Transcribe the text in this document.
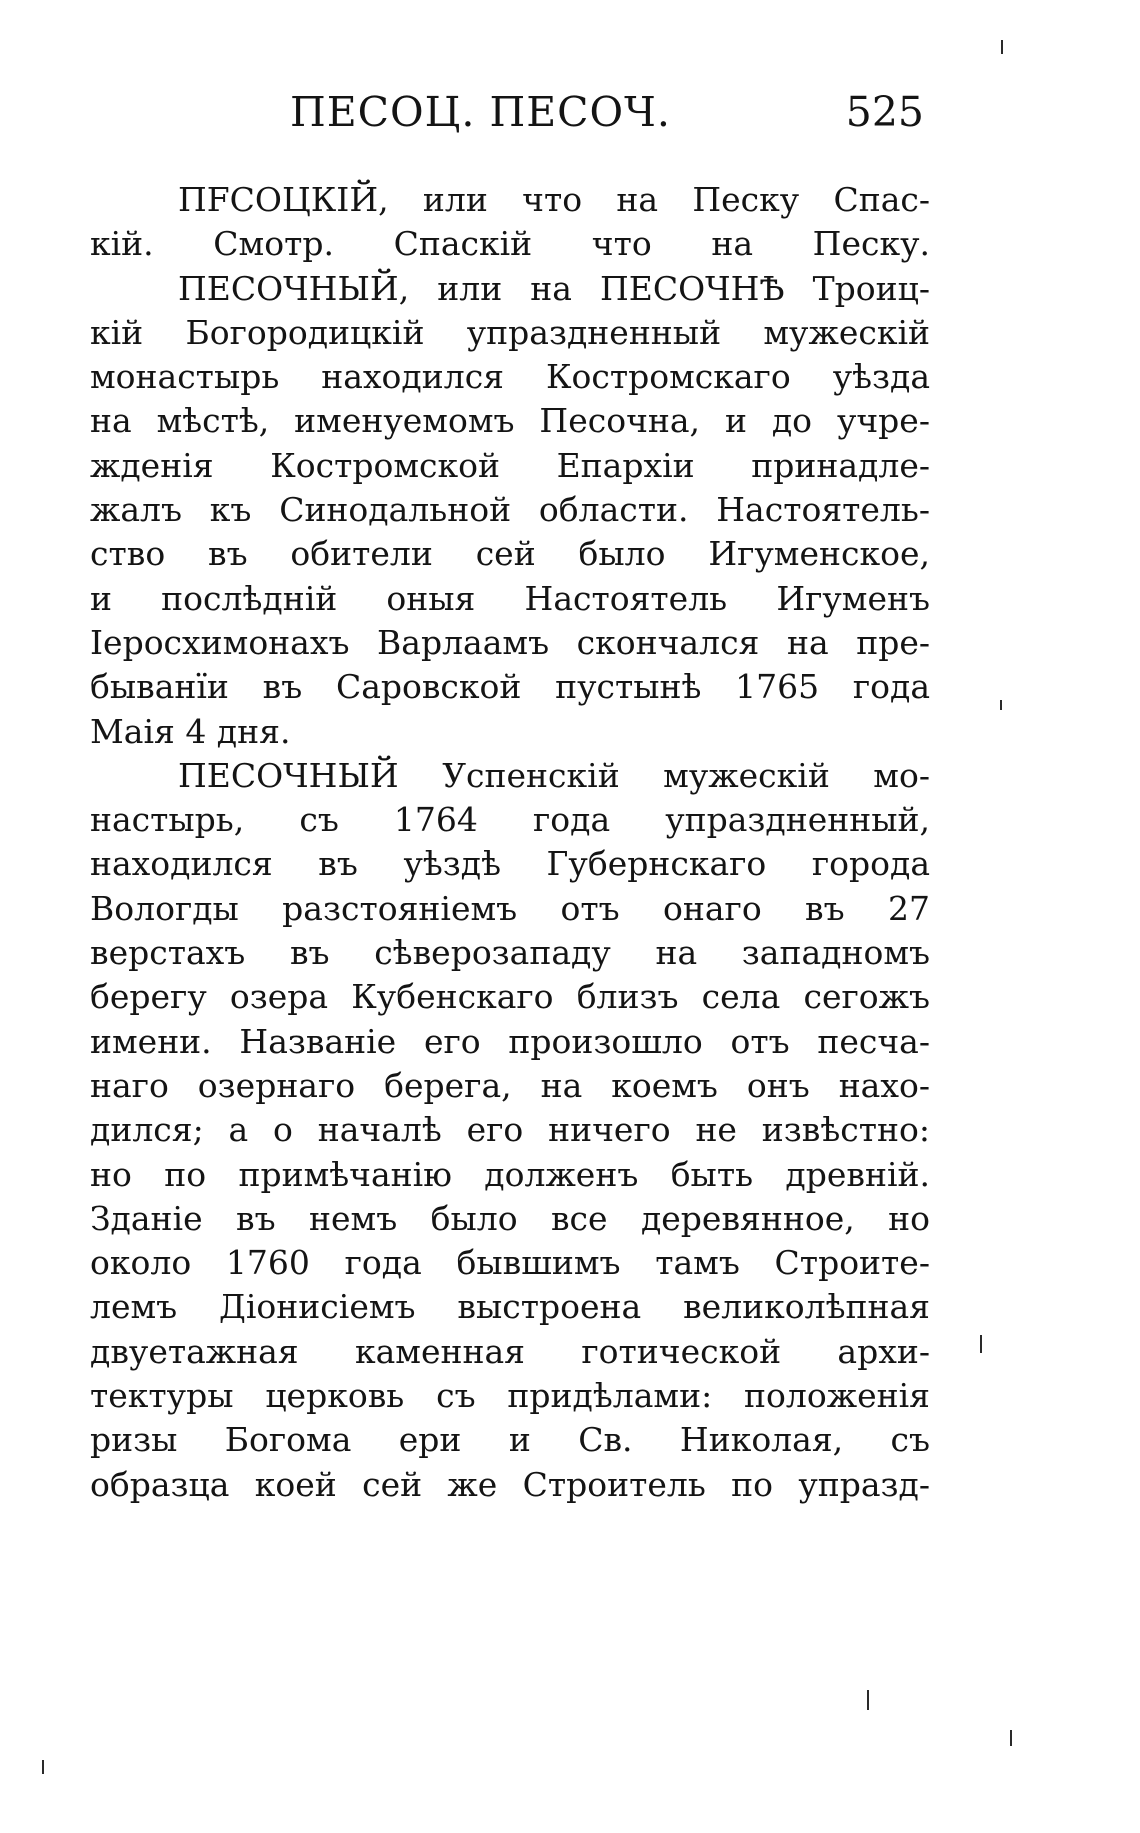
ПЕСОЦ. ПЕСОЧ.	525
ПFСОЦКІЙ, или что на Песку Спас-
кій. Смотр. Спаскій что на Песку.
ПЕСОЧНЫЙ, или на ПЕСОЧНѢ Троиц-
кій Богородицкій упраздненный мужескій
монастырь находился Костромскаго уѣзда
на мѣстѣ, именуемомъ Песочна, и до учре-
жденія Костромской Епархіи принадле-
жалъ къ Синодальной области. Настоятель-
ство въ обители сей было Игуменское,
и послѣдній оныя Настоятель Игуменъ
Іеросхимонахъ Варлаамъ скончался на пре-
быванїи въ Саровской пустынѣ 1765 года
Маія 4 дня.
ПЕСОЧНЫЙ Успенскій мужескій мо-
настырь, съ 1764 года упраздненный,
находился въ уѣздѣ Губернскаго города
Вологды разстояніемъ отъ онаго въ 27
верстахъ въ сѣверозападу на западномъ
берегу озера Кубенскаго близъ села сегожъ
имени. Названіе его произошло отъ песча-
наго озернаго берега, на коемъ онъ нахо-
дился; а о началѣ его ничего не извѣстно:
но по примѣчанію долженъ быть древній.
Зданіе въ немъ было все деревянное, но
около 1760 года бывшимъ тамъ Строите-
лемъ Діонисіемъ выстроена великолѣпная
двуетажная каменная готической архи-
тектуры церковь съ придѣлами: положенія
ризы Богома ери и Св. Николая, съ
образца коей сей же Строитель по упразд-
